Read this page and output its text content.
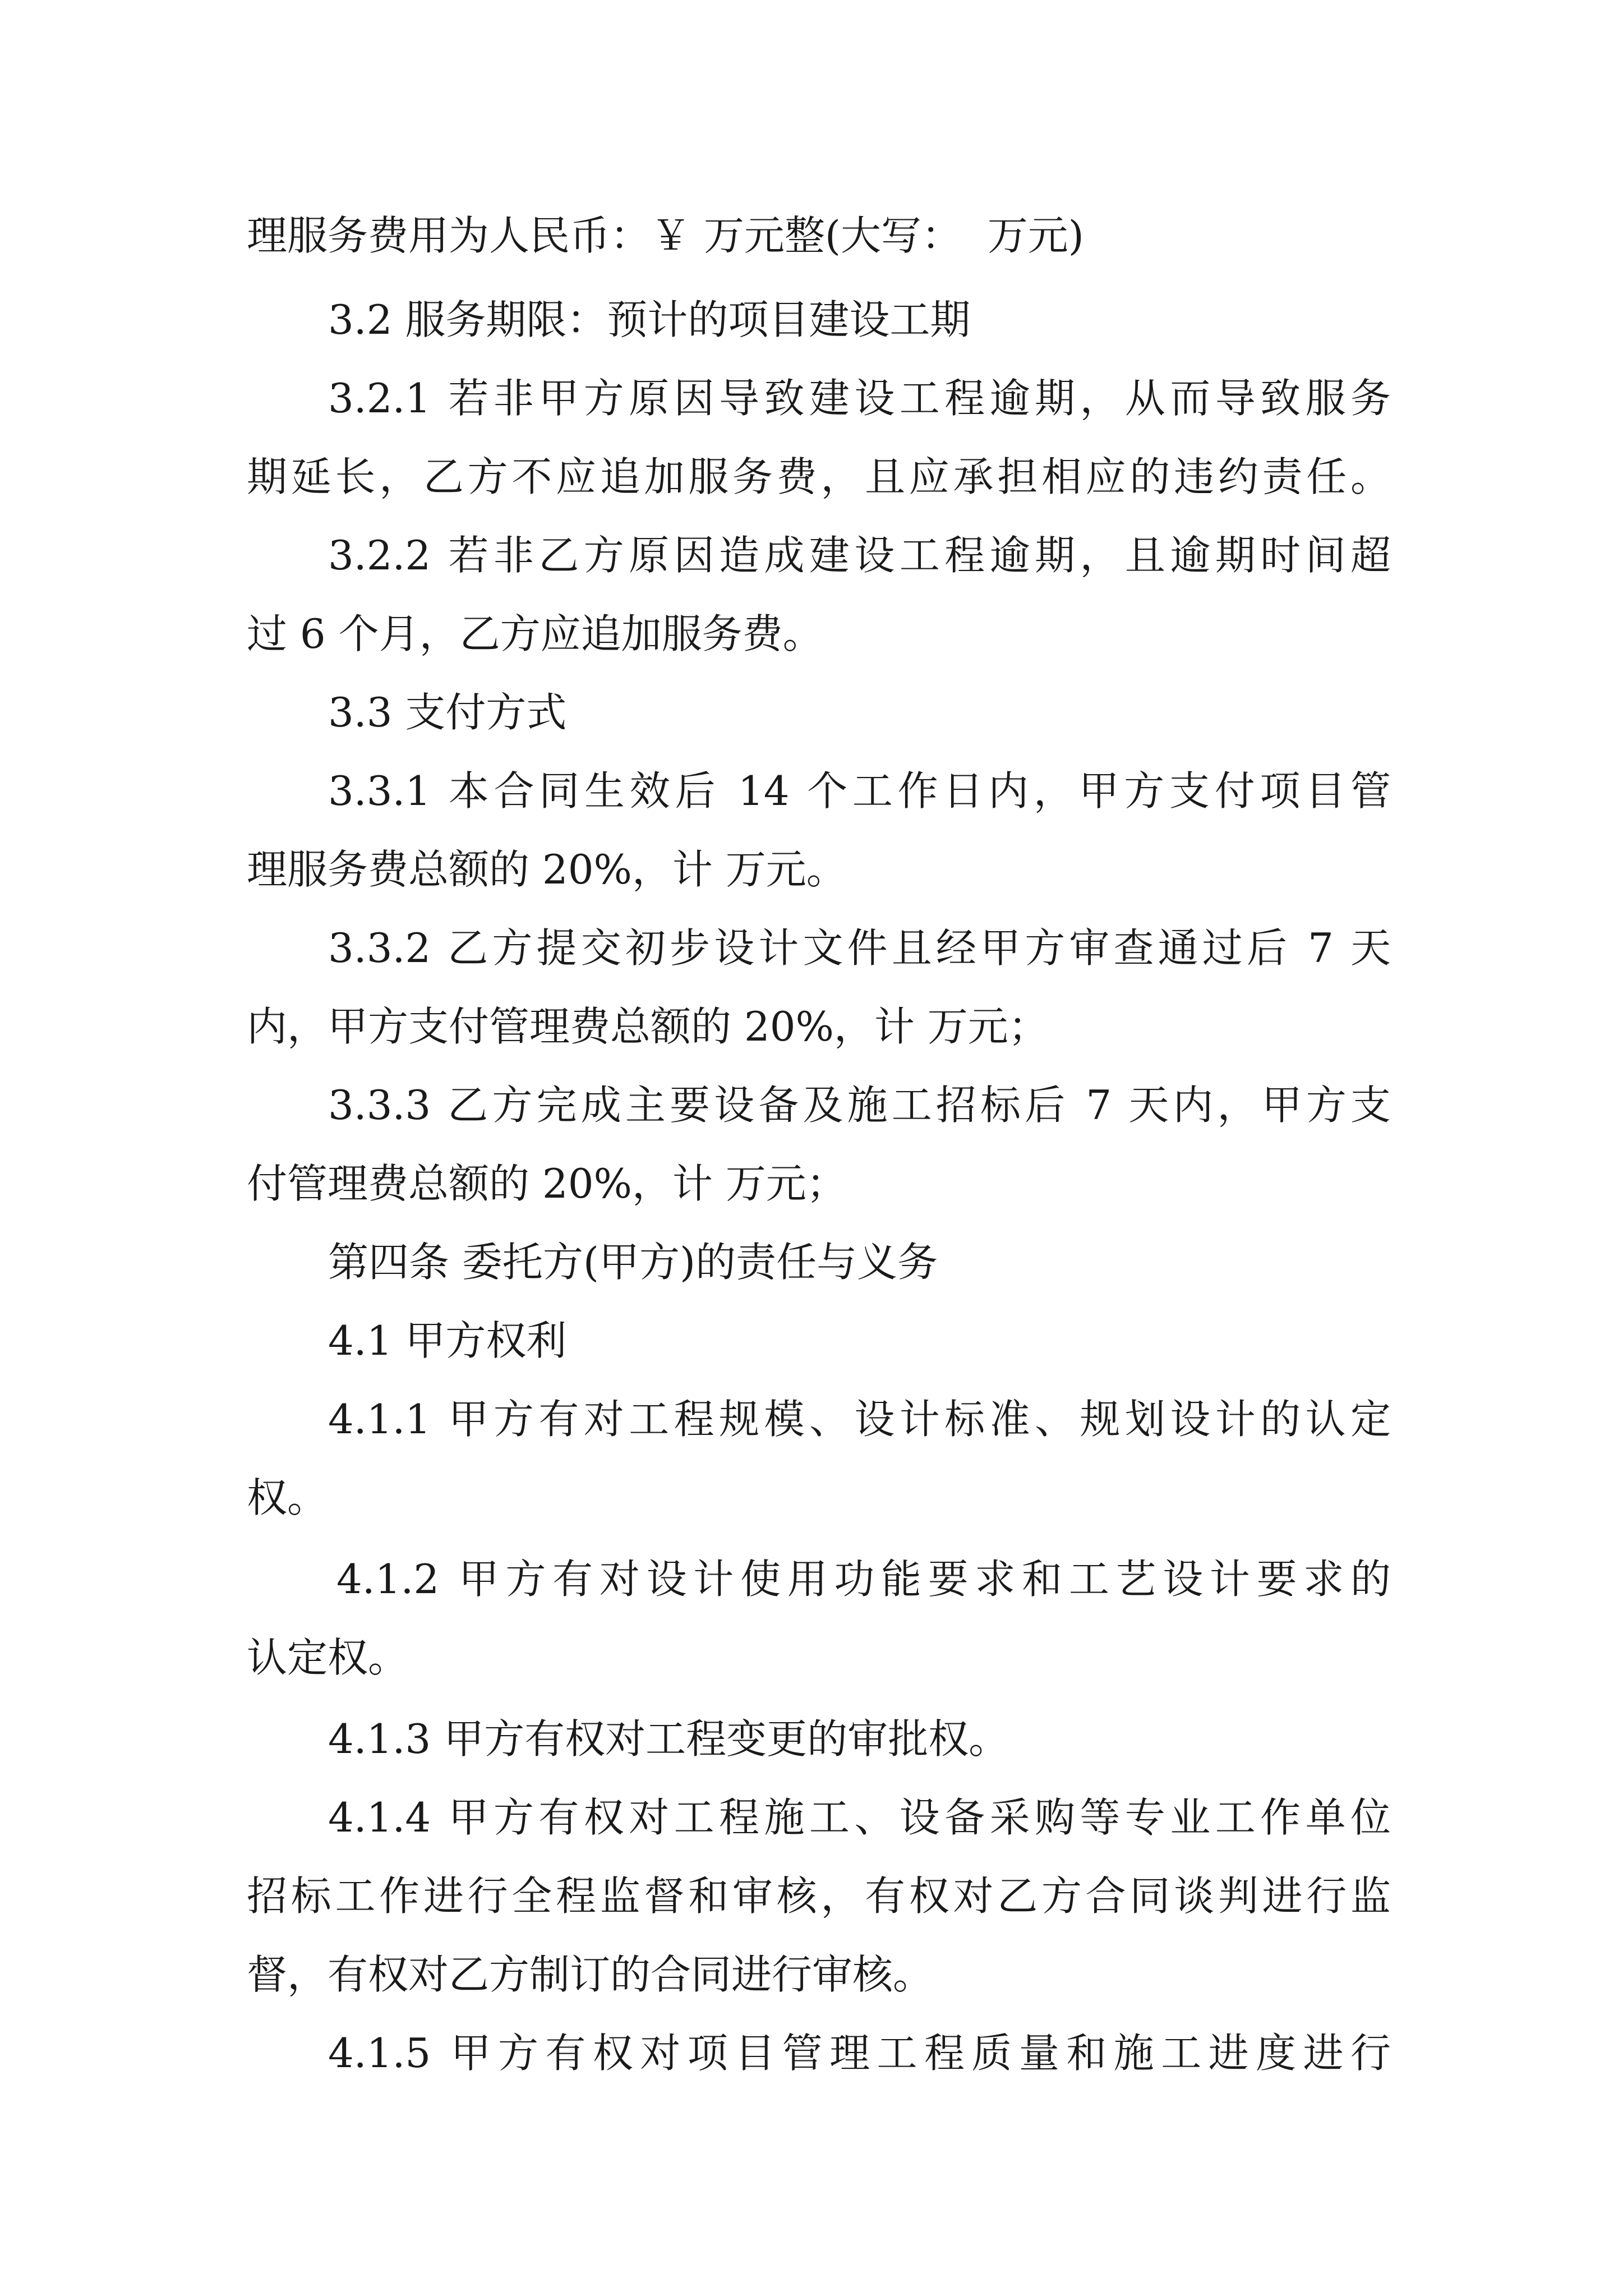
理服务费用为人民币：￥ 万元整(大写：  万元)
3.2 服务期限：预计的项目建设工期
3.2.1 若非甲方原因导致建设工程逾期，从而导致服务
期延长，乙方不应追加服务费，且应承担相应的违约责任。
3.2.2 若非乙方原因造成建设工程逾期，且逾期时间超
过 6 个月，乙方应追加服务费。
3.3 支付方式
3.3.1 本合同生效后 14 个工作日内，甲方支付项目管
理服务费总额的 20%，计 万元。
3.3.2 乙方提交初步设计文件且经甲方审查通过后 7 天
内，甲方支付管理费总额的 20%，计 万元；
3.3.3 乙方完成主要设备及施工招标后 7 天内，甲方支
付管理费总额的 20%，计 万元；
第四条 委托方(甲方)的责任与义务
4.1 甲方权利
4.1.1 甲方有对工程规模、设计标准、规划设计的认定
权。
4.1.2 甲方有对设计使用功能要求和工艺设计要求的
认定权。
4.1.3 甲方有权对工程变更的审批权。
4.1.4 甲方有权对工程施工、设备采购等专业工作单位
招标工作进行全程监督和审核，有权对乙方合同谈判进行监
督，有权对乙方制订的合同进行审核。
4.1.5 甲方有权对项目管理工程质量和施工进度进行
